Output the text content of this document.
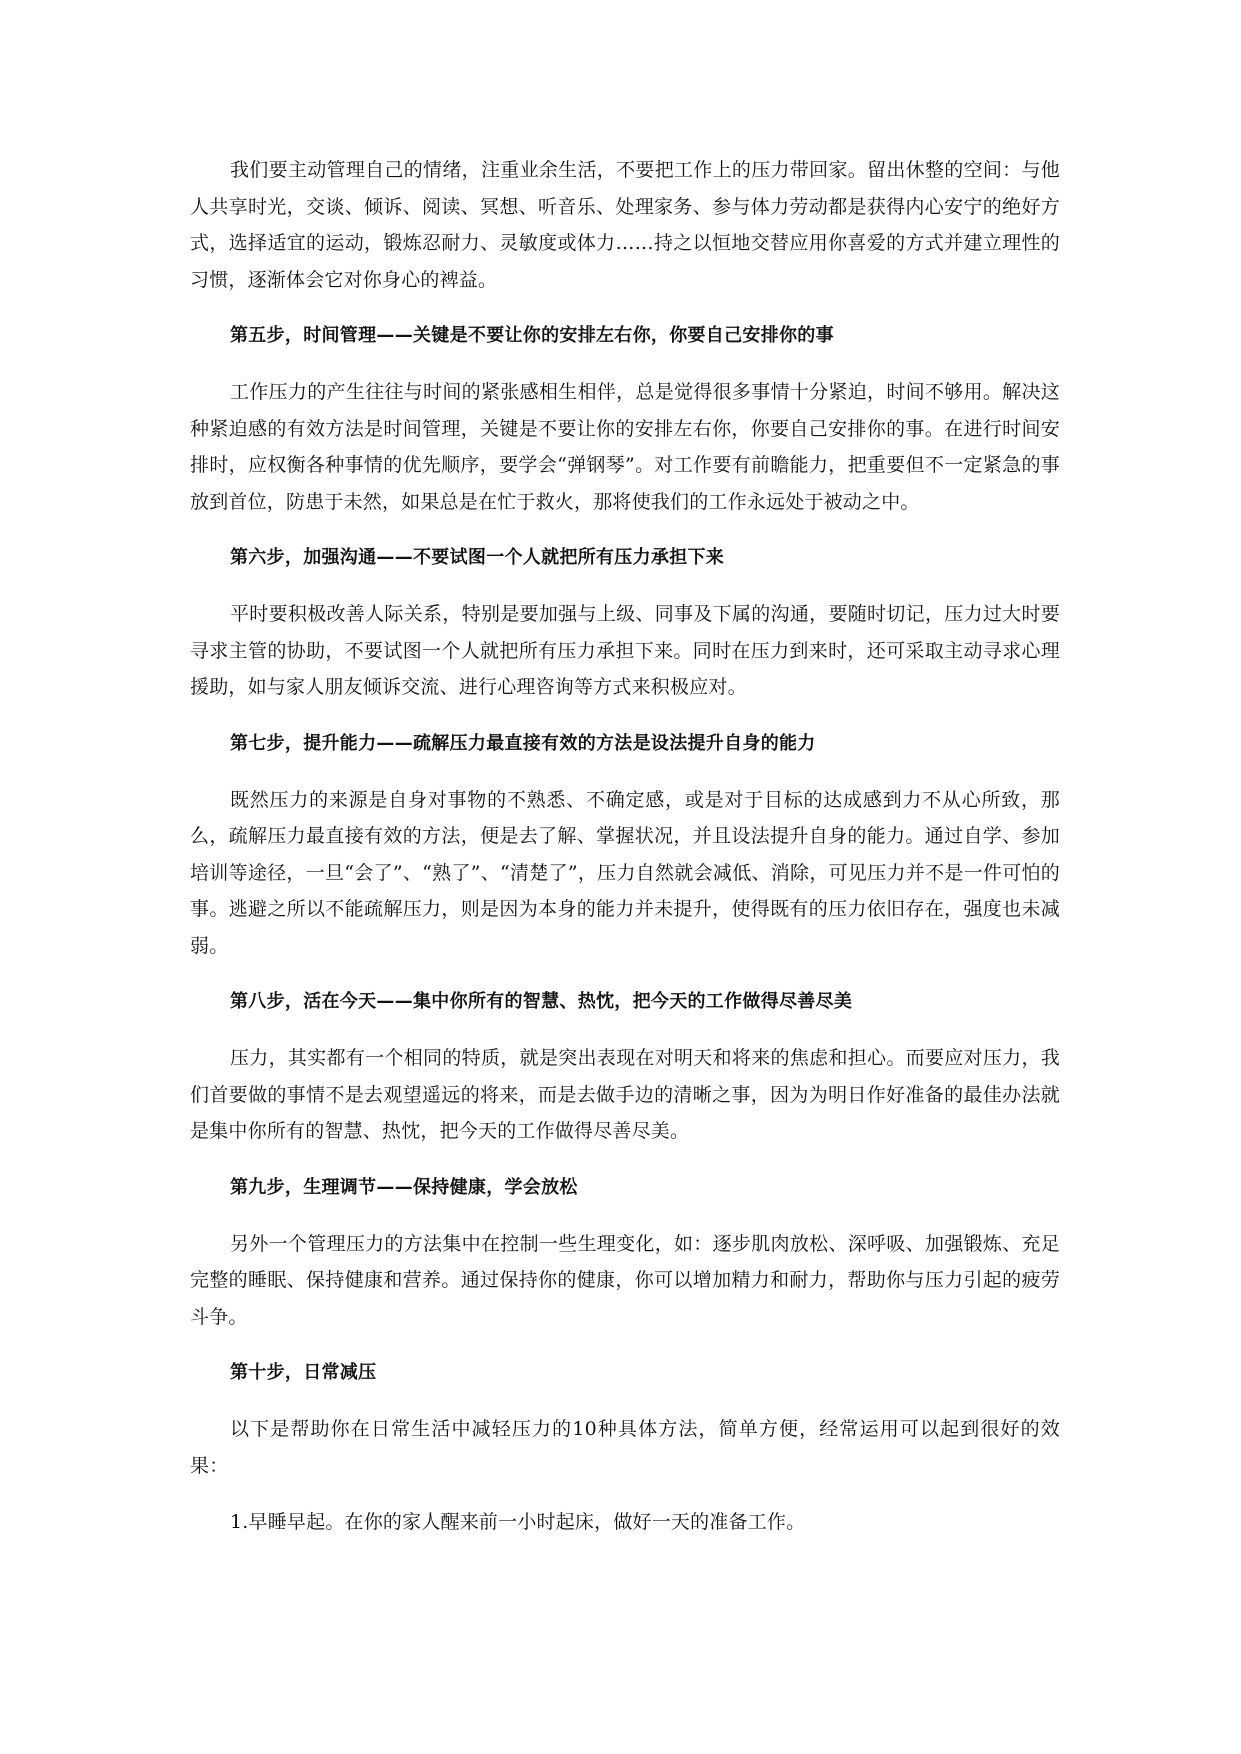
我们要主动管理自己的情绪，注重业余生活，不要把工作上的压力带回家。留出休整的空间：与他人共享时光，交谈、倾诉、阅读、冥想、听音乐、处理家务、参与体力劳动都是获得内心安宁的绝好方式，选择适宜的运动，锻炼忍耐力、灵敏度或体力……持之以恒地交替应用你喜爱的方式并建立理性的习惯，逐渐体会它对你身心的裨益。

第五步，时间管理——关键是不要让你的安排左右你，你要自己安排你的事

工作压力的产生往往与时间的紧张感相生相伴，总是觉得很多事情十分紧迫，时间不够用。解决这种紧迫感的有效方法是时间管理，关键是不要让你的安排左右你，你要自己安排你的事。在进行时间安排时，应权衡各种事情的优先顺序，要学会“弹钢琴”。对工作要有前瞻能力，把重要但不一定紧急的事放到首位，防患于未然，如果总是在忙于救火，那将使我们的工作永远处于被动之中。

第六步，加强沟通——不要试图一个人就把所有压力承担下来

平时要积极改善人际关系，特别是要加强与上级、同事及下属的沟通，要随时切记，压力过大时要寻求主管的协助，不要试图一个人就把所有压力承担下来。同时在压力到来时，还可采取主动寻求心理援助，如与家人朋友倾诉交流、进行心理咨询等方式来积极应对。

第七步，提升能力——疏解压力最直接有效的方法是设法提升自身的能力

既然压力的来源是自身对事物的不熟悉、不确定感，或是对于目标的达成感到力不从心所致，那么，疏解压力最直接有效的方法，便是去了解、掌握状况，并且设法提升自身的能力。通过自学、参加培训等途径，一旦“会了”、“熟了”、“清楚了”，压力自然就会减低、消除，可见压力并不是一件可怕的事。逃避之所以不能疏解压力，则是因为本身的能力并未提升，使得既有的压力依旧存在，强度也未减弱。

第八步，活在今天——集中你所有的智慧、热忱，把今天的工作做得尽善尽美

压力，其实都有一个相同的特质，就是突出表现在对明天和将来的焦虑和担心。而要应对压力，我们首要做的事情不是去观望遥远的将来，而是去做手边的清晰之事，因为为明日作好准备的最佳办法就是集中你所有的智慧、热忱，把今天的工作做得尽善尽美。

第九步，生理调节——保持健康，学会放松

另外一个管理压力的方法集中在控制一些生理变化，如：逐步肌肉放松、深呼吸、加强锻炼、充足完整的睡眠、保持健康和营养。通过保持你的健康，你可以增加精力和耐力，帮助你与压力引起的疲劳斗争。

第十步，日常减压

以下是帮助你在日常生活中减轻压力的10种具体方法，简单方便，经常运用可以起到很好的效果：

1.早睡早起。在你的家人醒来前一小时起床，做好一天的准备工作。
